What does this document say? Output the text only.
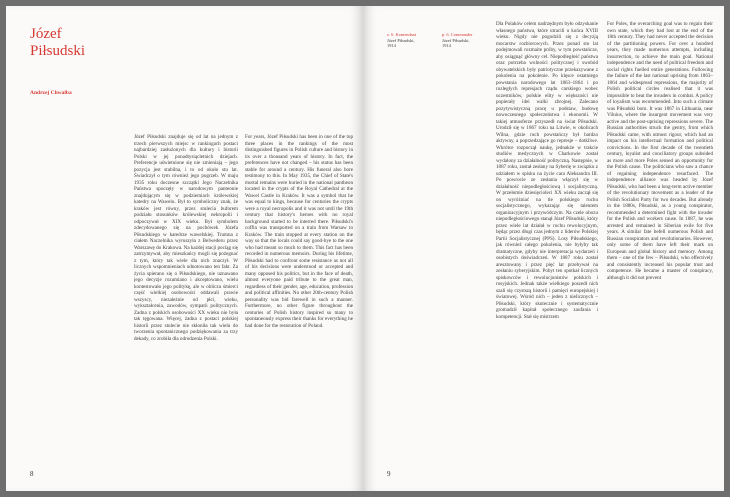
Józef
Piłsudski
Andrzej Chwalba

Józef Piłsudski znajduje się od lat na jednym z trzech pierwszych miejsc w rankingach postaci najbardziej zasłużonych dla kultury i historii Polski w jej ponadtysiącletnich dziejach. Preferencje uświetnione się nie zmieniają – jego pozycja jest stabilna, i to od około stu lat. Świadczył o tym również jego pogrzeb. W maju 1935 roku doczesne szczątki Jego Naczelnika Państwa spoczęły w narodowym panteonie znajdującym się w podziemiach królewskiej katedry na Wawelu. Był to symboliczny znak, że kraków jest równy, przez stulecia buforem podziału stosunków królewskiej nekropolii i odpoczywał w XIX wieku. Był symbolem zdecydowanego się na pochówek Józefa Piłsudskiego w katedrze wawelskiej. Trumna z ciałem Naczelnika wyruszyła z Belwederu przez Warszawę do Krakowa. Na każdej stacji pociąg się zatrzymywał, aby mieszkańcy mogli się pożegnać z tym, który tak wiele dla nich znaczył. W licznych wspomnieniach odnotowano ten fakt. Za życia spierano się o Piłsudskiego, nie uznawano jego decyzje rozumiano i akceptowano, wielu kontestowało jego politykę, ale w obliczu śmierci część wielkiej osobowości oddawali prawie wszyscy, niezależnie od płci, wieku, wykształcenia, zawodów, sympatii politycznych. Zadna z polskich osobowości XX wieku nie była tak tęgowana. Więcej, żadna z postaci polskiej historii przez stulecie nie skłoniła tak wielu do tworzenia spontanicznego podziękowania za trzy dekady, co zrobiła dla odrodzenia Polski.

For years, Józef Piłsudski has been in one of the top three places in the rankings of the most distinguished figures in Polish culture and history in its over a thousand years of history. In fact, the preferences have not changed – his status has been stable for around a century. His funeral also bore testimony to this. In May 1935, the Chief of State's mortal remains were buried in the national pantheon located in the crypts of the Royal Cathedral at the Wawel Castle in Kraków. It was a symbol that he was equal to kings, because for centuries the crypts were a royal necropolis and it was not until the 19th century that history's heroes with no royal background started to be interred there. Piłsudski's coffin was transported on a train from Warsaw to Kraków. The train stopped at every station on the way so that the locals could say good-bye to the one who had meant so much to them. This fact has been recorded in numerous memoirs. During his lifetime, Piłsudski had to confront some resistance as not all of his decisions were understood or accepted and many opposed his politics, but in the face of death, almost everyone paid tribute to the great man, regardless of their gender, age, education, profession and political affinities. No other 20th-century Polish personality was bid farewell in such a manner. Furthermore, no other figure throughout the centuries of Polish history inspired so many to spontaneously express their thanks for everything he had done for the restoration of Poland.

8
z. 6. Komendant
Józef Piłsudski,
1914
p. 6. Commander
Józef Piłsudski,
1914

Dla Polaków celem nadrzędnym było odzyskanie własnego państwa, które utracili u końca XVIII wieku. Nigdy nie pogodzili się z decyzją mocarstw rozbiorowych. Przez ponad sto lat podejmowali rozmaite próby, w tym powstańcze, aby osiągnąć główny cel. Niepodległość państwa oraz potrzeba wolności politycznej i swobód obywatelskich były patriotyczne przekazywane z pokolenia na pokolenie. Po klęsce ostatniego powstania narodowego lat 1863–1864 i po rozległych represjach rządu carskiego wobec uczestników, polskie elity w większości nie popierały idei walki zbrojnej. Zalecano pozytywistyczną pracę u podstaw, budowę nowoczesnego społeczeństwa i ekonomii. W takiej atmosferze przyszedł na świat Piłsudski. Urodził się w 1867 roku na Litwie, w okolicach Wilna, gdzie ruch powstańczy był bardzo aktywny, a poprzedzające go represje – dotkliwe. Wkrótce rozpoczął naukę, jednakże w trakcie studiów medycznych w Charkowie został wydalony za działalność polityczną. Następnie, w 1887 roku, został zesłany na Syberię w związku z udziałem w spisku na życie cara Aleksandra III. Po powrocie ze zesłania włączył się w działalność niepodległościową i socjalistyczną. W przełomie dziesięcioleci XX wieku zaczął się on wyróżniać na tle polskiego ruchu socjalistycznego, wykazując się talentem organizacyjnym i przywódczym. Na czele obozu niepodległościowego stanął Józef Piłsudski, który przez wiele lat działał w ruchu rewolucyjnym, będąc przez długi czas jednym z liderów Polskiej Partii Socjalistycznej (PPS). Losy Piłsudskiego, jak również całego pokolenia, nie byłyby tak dramatyczne, gdyby nie interpretacja wydarzeń i osobistych doświadczeń. W 1887 roku został aresztowany i przez pięć lat przebywał na zesłaniu syberyjskim. Pobyt ten spotkał licznych spiskowców i rewolucjonistów polskich i rosyjskich. Jednak także wielkiego poszedł nich szali się czystszą historii i pamięci europejskiej i światowej. Wśród nich – jeden z nielicznych – Piłsudski, który skutecznie i systematycznie gromadził kapitał społecznego zaufania i kompetencji. Stał się mistrzem

For Poles, the overarching goal was to regain their own state, which they had lost at the end of the 18th century. They had never accepted the decision of the partitioning powers. For over a hundred years, they made numerous attempts, including insurrection, to achieve the main goal. National independence and the need of political freedom and social rights fuelled entire generations. Following the failure of the last national uprising from 1863–1864 and widespread repressions, the majority of Polish political circles realised that it was impossible to beat the invaders in combat. A policy of loyalism was recommended. Into such a climate was Piłsudski born. It was 1867 in Lithuania, near Vilnius, where the insurgent movement was very active and the post-uprising repressions severe. The Russian authorities struck the gentry, from which Piłsudski came, with utmost rigour, which had an impact on his intellectual formation and political convictions. In the first decade of the twentieth century, loyalist and conciliatory groups subsided as more and more Poles sensed an opportunity for the Polish cause. The politicians who saw a chance of regaining independence resurfaced. The independence alliance was headed by Józef Piłsudski, who had been a long-term active member of the revolutionary movement as a leader of the Polish Socialist Party for two decades. But already in the 1880s, Piłsudski, as a young conspirator, recommended a determined fight with the invader for the Polish and workers cause. In 1887, he was arrested and remained in Siberian exile for five years. A similar fate befell numerous Polish and Russian conspirators and revolutionaries. However, only some of them have left their mark on European and global history and memory. Among them – one of the few – Piłsudski, who effectively and consistently increased his popular trust and competence. He became a master of conspiracy, although it did not prevent

9
